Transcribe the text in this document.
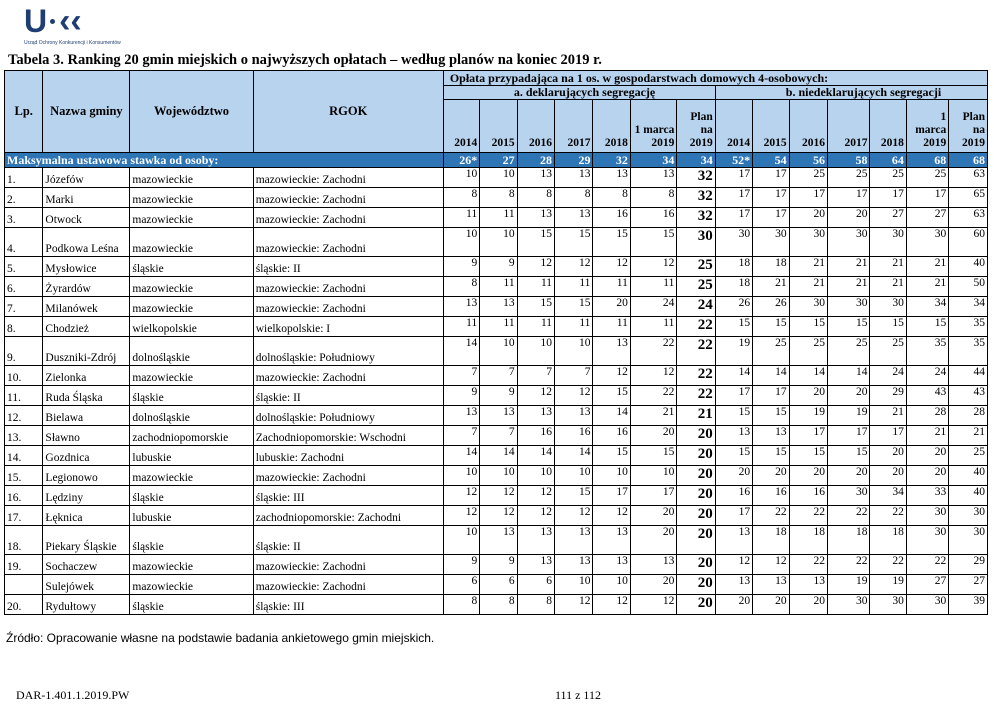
U ‹‹
Urząd Ochrony Konkurencji i Konsumentów
Tabela 3. Ranking 20 gmin miejskich o najwyższych opłatach – według planów na koniec 2019 r.
Lp.	Nazwa gminy	Województwo	RGOK	Opłata przypadająca na 1 os. w gospodarstwach domowych 4-osobowych:													
				a. deklarujących segregację							b. niedeklarujących segregacji						
				2014	2015	2016	2017	2018	1 marca 2019	Plan na 2019	2014	2015	2016	2017	2018	1 marca 2019	Plan na 2019
Maksymalna ustawowa stawka od osoby:				26*	27	28	29	32	34	34	52*	54	56	58	64	68	68
1.	Józefów	mazowieckie	mazowieckie: Zachodni	10	10	13	13	13	13	32	17	17	25	25	25	25	63
2.	Marki	mazowieckie	mazowieckie: Zachodni	8	8	8	8	8	8	32	17	17	17	17	17	17	65
3.	Otwock	mazowieckie	mazowieckie: Zachodni	11	11	13	13	16	16	32	17	17	20	20	27	27	63
4.	Podkowa Leśna	mazowieckie	mazowieckie: Zachodni	10	10	15	15	15	15	30	30	30	30	30	30	30	60
5.	Mysłowice	śląskie	śląskie: II	9	9	12	12	12	12	25	18	18	21	21	21	21	40
6.	Żyrardów	mazowieckie	mazowieckie: Zachodni	8	11	11	11	11	11	25	18	21	21	21	21	21	50
7.	Milanówek	mazowieckie	mazowieckie: Zachodni	13	13	15	15	20	24	24	26	26	30	30	30	34	34
8.	Chodzież	wielkopolskie	wielkopolskie: I	11	11	11	11	11	11	22	15	15	15	15	15	15	35
9.	Duszniki-Zdrój	dolnośląskie	dolnośląskie: Południowy	14	10	10	10	13	22	22	19	25	25	25	25	35	35
10.	Zielonka	mazowieckie	mazowieckie: Zachodni	7	7	7	7	12	12	22	14	14	14	14	24	24	44
11.	Ruda Śląska	śląskie	śląskie: II	9	9	12	12	15	22	22	17	17	20	20	29	43	43
12.	Bielawa	dolnośląskie	dolnośląskie: Południowy	13	13	13	13	14	21	21	15	15	19	19	21	28	28
13.	Sławno	zachodniopomorskie	Zachodniopomorskie: Wschodni	7	7	16	16	16	20	20	13	13	17	17	17	21	21
14.	Gozdnica	lubuskie	lubuskie: Zachodni	14	14	14	14	15	15	20	15	15	15	15	20	20	25
15.	Legionowo	mazowieckie	mazowieckie: Zachodni	10	10	10	10	10	10	20	20	20	20	20	20	20	40
16.	Lędziny	śląskie	śląskie: III	12	12	12	15	17	17	20	16	16	16	30	34	33	40
17.	Łęknica	lubuskie	zachodniopomorskie: Zachodni	12	12	12	12	12	20	20	17	22	22	22	22	30	30
18.	Piekary Śląskie	śląskie	śląskie: II	10	13	13	13	13	20	20	13	18	18	18	18	30	30
19.	Sochaczew	mazowieckie	mazowieckie: Zachodni	9	9	13	13	13	13	20	12	12	22	22	22	22	29
	Sulejówek	mazowieckie	mazowieckie: Zachodni	6	6	6	10	10	20	20	13	13	13	19	19	27	27
20.	Rydułtowy	śląskie	śląskie: III	8	8	8	12	12	12	20	20	20	20	30	30	30	39
Źródło: Opracowanie własne na podstawie badania ankietowego gmin miejskich.
DAR-1.401.1.2019.PW	111 z 112
